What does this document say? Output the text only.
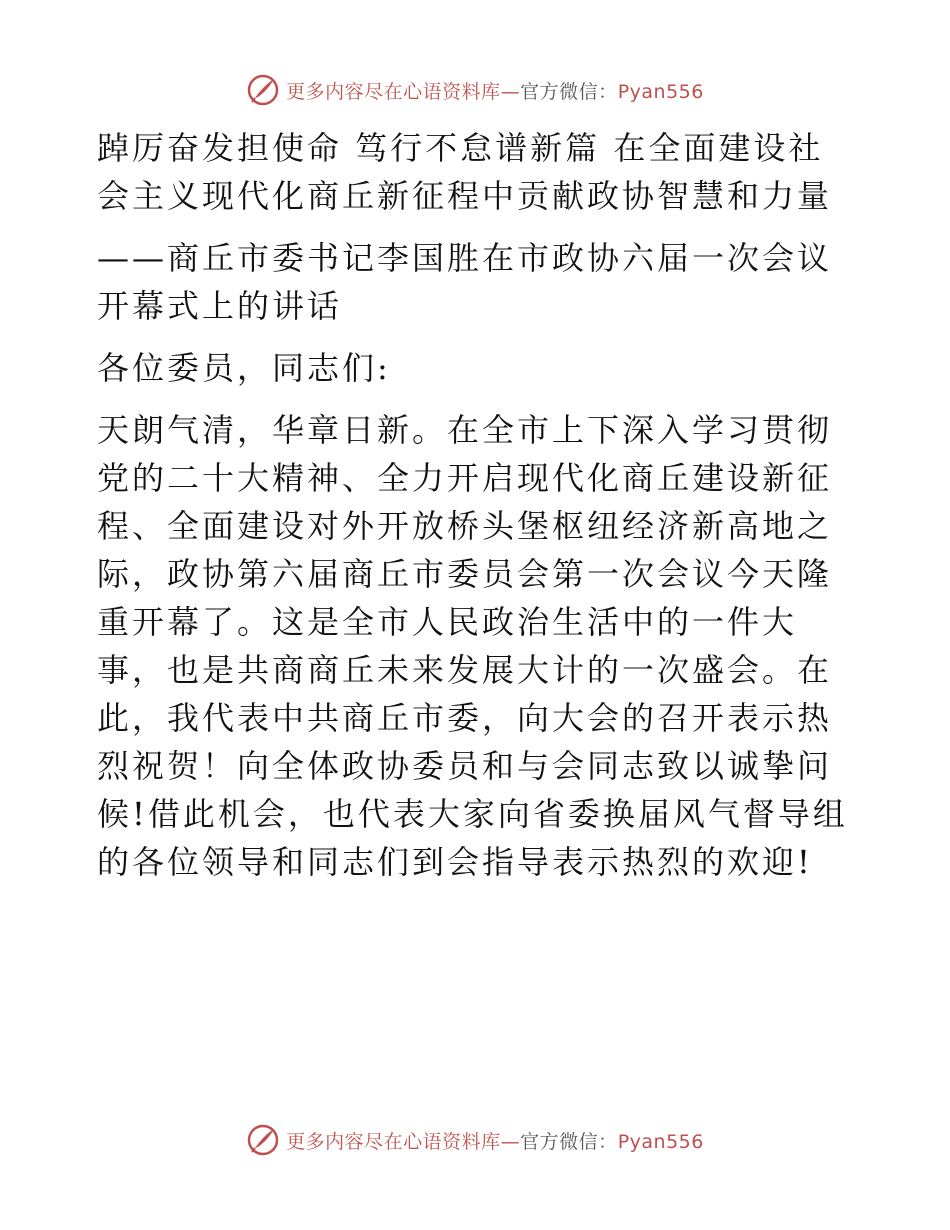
更多内容尽在心语资料库—官方微信：Pyan556

踔厉奋发担使命 笃行不怠谱新篇 在全面建设社会主义现代化商丘新征程中贡献政协智慧和力量

——商丘市委书记李国胜在市政协六届一次会议开幕式上的讲话

各位委员，同志们:

天朗气清，华章日新。在全市上下深入学习贯彻党的二十大精神、全力开启现代化商丘建设新征程、全面建设对外开放桥头堡枢纽经济新高地之际，政协第六届商丘市委员会第一次会议今天隆重开幕了。这是全市人民政治生活中的一件大事，也是共商商丘未来发展大计的一次盛会。在此，我代表中共商丘市委，向大会的召开表示热烈祝贺！向全体政协委员和与会同志致以诚挚问候!借此机会，也代表大家向省委换届风气督导组的各位领导和同志们到会指导表示热烈的欢迎!

更多内容尽在心语资料库—官方微信：Pyan556
